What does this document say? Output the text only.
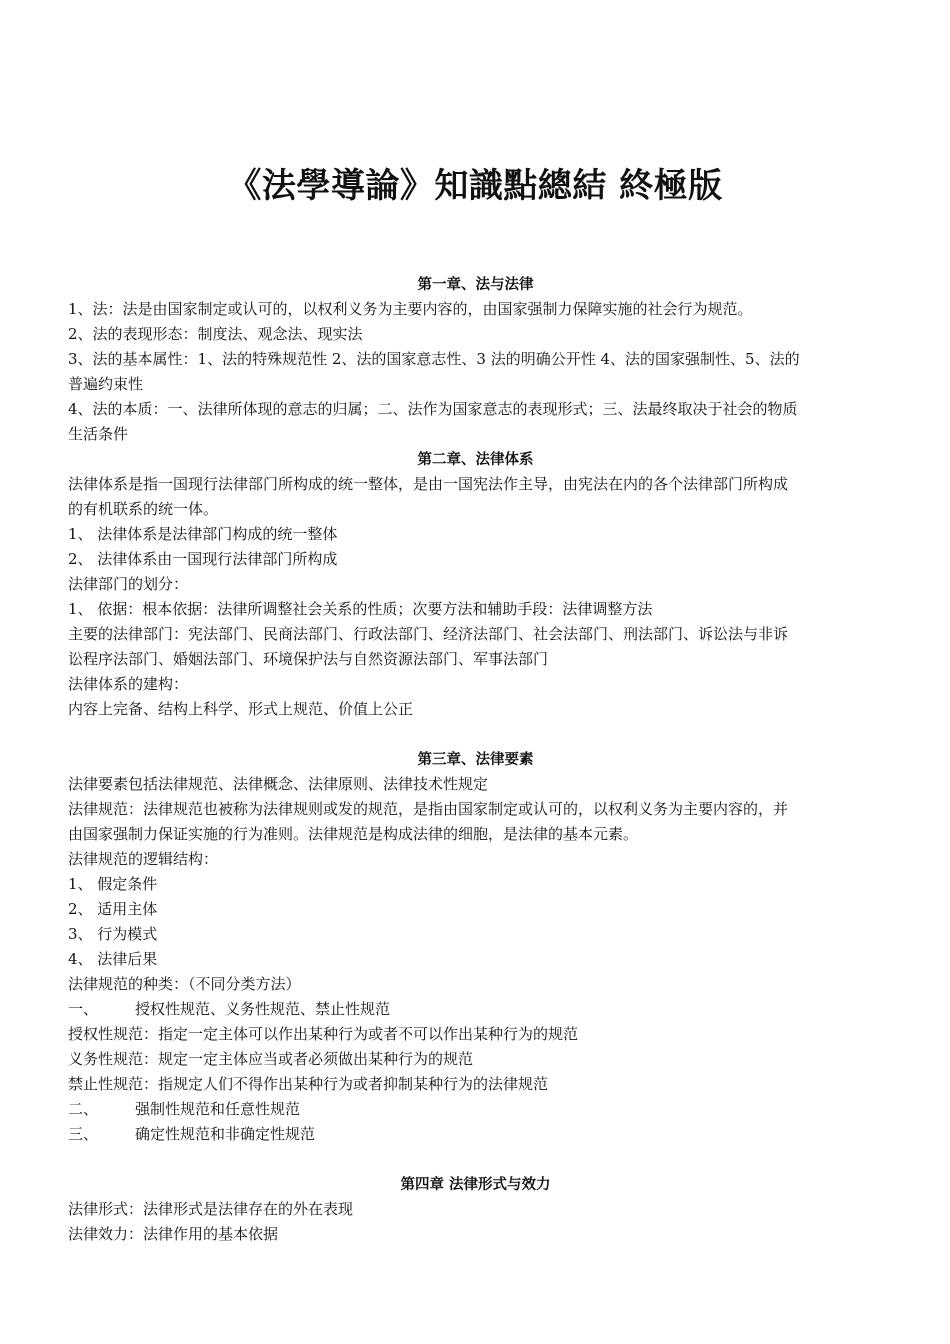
《法學導論》知識點總結 終極版
第一章、法与法律
1、法：法是由国家制定或认可的，以权利义务为主要内容的，由国家强制力保障实施的社会行为规范。
2、法的表现形态：制度法、观念法、现实法
3、法的基本属性：1、法的特殊规范性 2、法的国家意志性、3 法的明确公开性 4、法的国家强制性、5、法的
普遍约束性
4、法的本质：一、法律所体现的意志的归属；二、法作为国家意志的表现形式；三、法最终取决于社会的物质
生活条件
第二章、法律体系
法律体系是指一国现行法律部门所构成的统一整体，是由一国宪法作主导，由宪法在内的各个法律部门所构成
的有机联系的统一体。
1、 法律体系是法律部门构成的统一整体
2、 法律体系由一国现行法律部门所构成
法律部门的划分：
1、 依据：根本依据：法律所调整社会关系的性质；次要方法和辅助手段：法律调整方法
主要的法律部门：宪法部门、民商法部门、行政法部门、经济法部门、社会法部门、刑法部门、诉讼法与非诉
讼程序法部门、婚姻法部门、环境保护法与自然资源法部门、军事法部门
法律体系的建构：
内容上完备、结构上科学、形式上规范、价值上公正
第三章、法律要素
法律要素包括法律规范、法律概念、法律原则、法律技术性规定
法律规范：法律规范也被称为法律规则或发的规范，是指由国家制定或认可的，以权利义务为主要内容的，并
由国家强制力保证实施的行为准则。法律规范是构成法律的细胞，是法律的基本元素。
法律规范的逻辑结构：
1、 假定条件
2、 适用主体
3、 行为模式
4、 法律后果
法律规范的种类：（不同分类方法）
一、 授权性规范、义务性规范、禁止性规范
授权性规范：指定一定主体可以作出某种行为或者不可以作出某种行为的规范
义务性规范：规定一定主体应当或者必须做出某种行为的规范
禁止性规范：指规定人们不得作出某种行为或者抑制某种行为的法律规范
二、 强制性规范和任意性规范
三、 确定性规范和非确定性规范
第四章 法律形式与效力
法律形式：法律形式是法律存在的外在表现
法律效力：法律作用的基本依据
